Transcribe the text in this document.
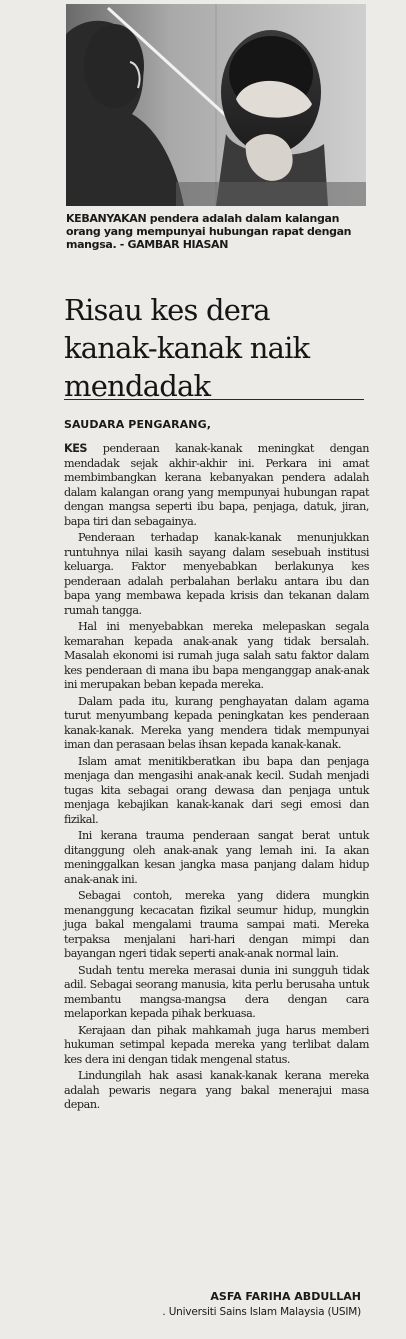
KEBANYAKAN pendera adalah dalam kalangan orang yang mempunyai hubungan rapat dengan mangsa. - GAMBAR HIASAN
Risau kes dera kanak-kanak naik mendadak
SAUDARA PENGARANG,

KES penderaan kanak-kanak meningkat dengan mendadak sejak akhir-akhir ini. Perkara ini amat membimbangkan kerana kebanyakan pendera adalah dalam kalangan orang yang mempunyai hubungan rapat dengan mangsa seperti ibu bapa, penjaga, datuk, jiran, bapa tiri dan sebagainya.

Penderaan terhadap kanak-kanak menunjukkan runtuhnya nilai kasih sayang dalam sesebuah institusi keluarga. Faktor menyebabkan berlakunya kes penderaan adalah perbalahan berlaku antara ibu dan bapa yang membawa kepada krisis dan tekanan dalam rumah tangga.

Hal ini menyebabkan mereka melepaskan segala kemarahan kepada anak-anak yang tidak bersalah. Masalah ekonomi isi rumah juga salah satu faktor dalam kes penderaan di mana ibu bapa menganggap anak-anak ini merupakan beban kepada mereka.

Dalam pada itu, kurang penghayatan dalam agama turut menyumbang kepada peningkatan kes penderaan kanak-kanak. Mereka yang mendera tidak mempunyai iman dan perasaan belas ihsan kepada kanak-kanak.

Islam amat menitikberatkan ibu bapa dan penjaga menjaga dan mengasihi anak-anak kecil. Sudah menjadi tugas kita sebagai orang dewasa dan penjaga untuk menjaga kebajikan kanak-kanak dari segi emosi dan fizikal.

Ini kerana trauma penderaan sangat berat untuk ditanggung oleh anak-anak yang lemah ini. Ia akan meninggalkan kesan jangka masa panjang dalam hidup anak-anak ini.

Sebagai contoh, mereka yang didera mungkin menanggung kecacatan fizikal seumur hidup, mungkin juga bakal mengalami trauma sampai mati. Mereka terpaksa menjalani hari-hari dengan mimpi dan bayangan ngeri tidak seperti anak-anak normal lain.

Sudah tentu mereka merasai dunia ini sungguh tidak adil. Sebagai seorang manusia, kita perlu berusaha untuk membantu mangsa-mangsa dera dengan cara melaporkan kepada pihak berkuasa.

Kerajaan dan pihak mahkamah juga harus memberi hukuman setimpal kepada mereka yang terlibat dalam kes dera ini dengan tidak mengenal status.

Lindungilah hak asasi kanak-kanak kerana mereka adalah pewaris negara yang bakal menerajui masa depan.

ASFA FARIHA ABDULLAH
. Universiti Sains Islam Malaysia (USIM)
